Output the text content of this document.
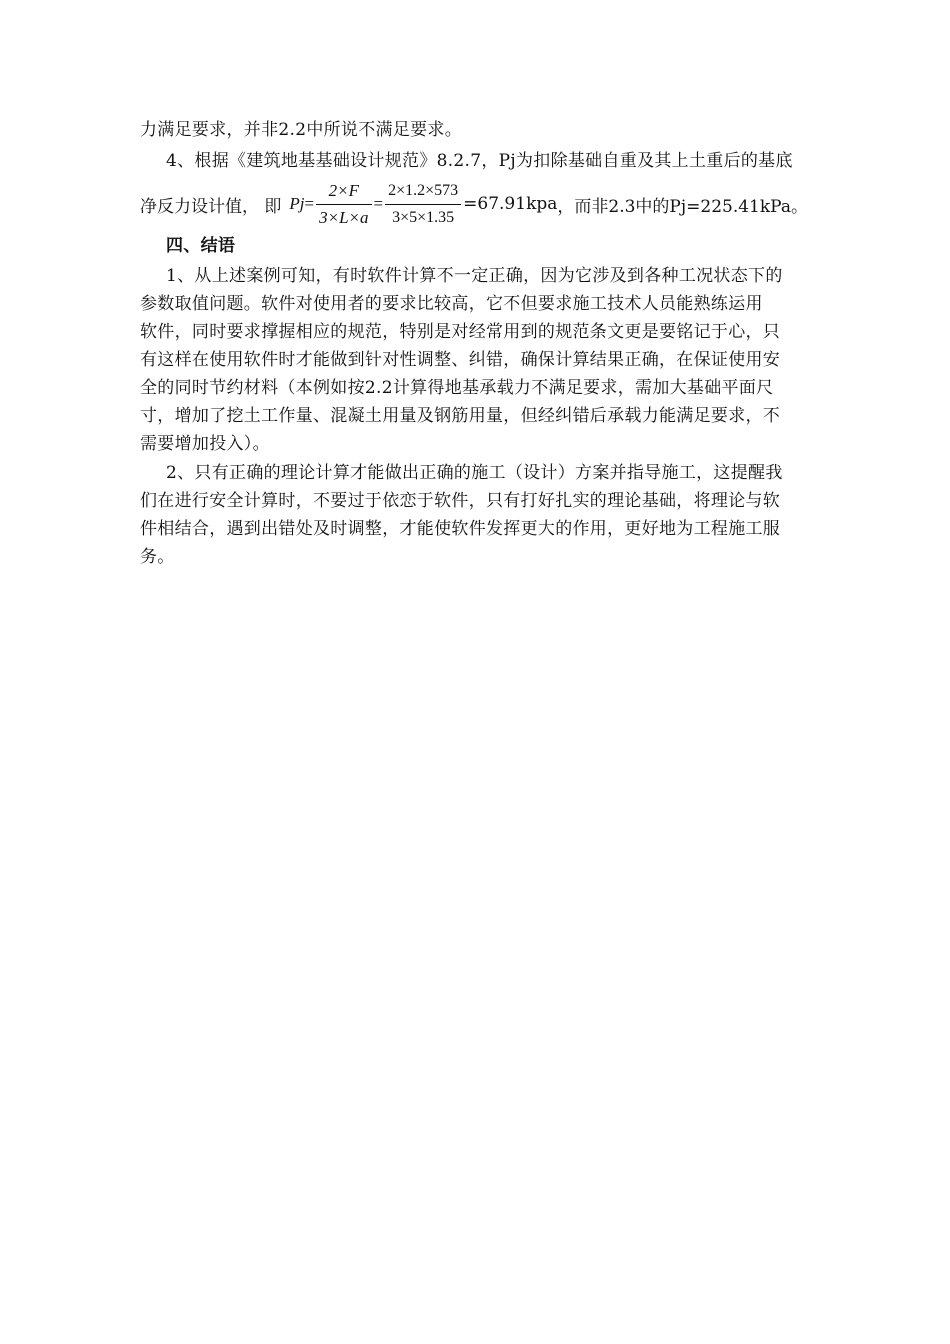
力满足要求，并非2.2中所说不满足要求。
4、根据《建筑地基基础设计规范》8.2.7，Pj为扣除基础自重及其上土重后的基底
净反力设计值， 即 $Pj = \frac{2\times F}{3\times L\times a} = \frac{2\times 1.2\times 573}{3\times 5\times 1.35} =67.91kpa$ ，而非2.3中的Pj=225.41kPa。
四、结语
1、从上述案例可知，有时软件计算不一定正确，因为它涉及到各种工况状态下的
参数取值问题。软件对使用者的要求比较高，它不但要求施工技术人员能熟练运用
软件，同时要求撑握相应的规范，特别是对经常用到的规范条文更是要铭记于心，只
有这样在使用软件时才能做到针对性调整、纠错，确保计算结果正确，在保证使用安
全的同时节约材料（本例如按2.2计算得地基承载力不满足要求，需加大基础平面尺
寸，增加了挖土工作量、混凝土用量及钢筋用量，但经纠错后承载力能满足要求，不
需要增加投入）。
2、只有正确的理论计算才能做出正确的施工（设计）方案并指导施工，这提醒我
们在进行安全计算时，不要过于依恋于软件，只有打好扎实的理论基础，将理论与软
件相结合，遇到出错处及时调整，才能使软件发挥更大的作用，更好地为工程施工服
务。
